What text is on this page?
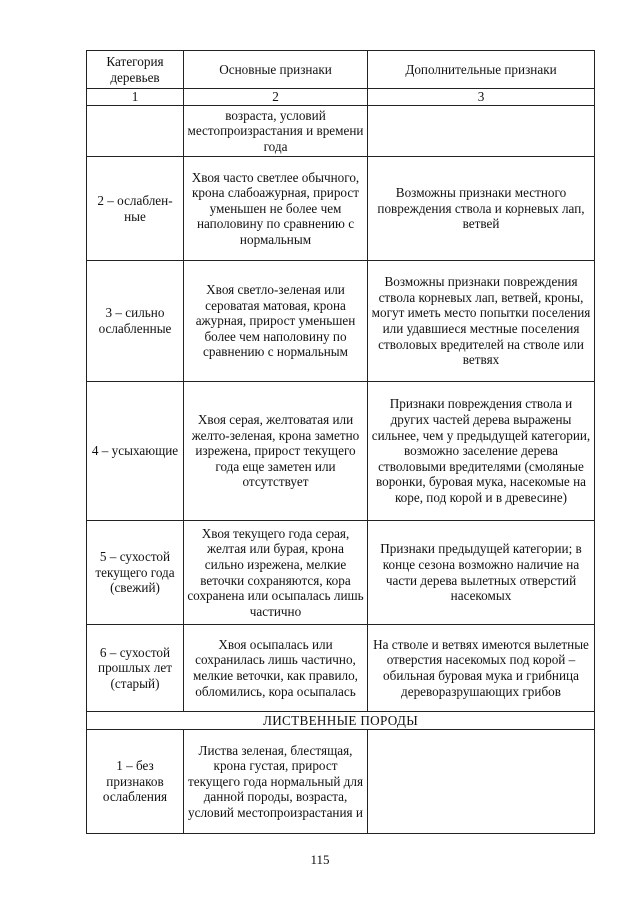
Категория деревьев	Основные признаки	Дополнительные признаки
1	2	3
	возраста, условий местопроизрастания и времени года	
2 – ослаблен-ные	Хвоя часто светлее обычного, крона слабоажурная, прирост уменьшен не более чем наполовину по сравнению с нормальным	Возможны признаки местного повреждения ствола и корневых лап, ветвей
3 – сильно ослабленные	Хвоя светло-зеленая или сероватая матовая, крона ажурная, прирост уменьшен более чем наполовину по сравнению с нормальным	Возможны признаки повреждения ствола корневых лап, ветвей, кроны, могут иметь место попытки поселения или удавшиеся местные поселения стволовых вредителей на стволе или ветвях
4 – усыхающие	Хвоя серая, желтоватая или желто-зеленая, крона заметно изрежена, прирост текущего года еще заметен или отсутствует	Признаки повреждения ствола и других частей дерева выражены сильнее, чем у предыдущей категории, возможно заселение дерева стволовыми вредителями (смоляные воронки, буровая мука, насекомые на коре, под корой и в древесине)
5 – сухостой текущего года (свежий)	Хвоя текущего года серая, желтая или бурая, крона сильно изрежена, мелкие веточки сохраняются, кора сохранена или осыпалась лишь частично	Признаки предыдущей категории; в конце сезона возможно наличие на части дерева вылетных отверстий насекомых
6 – сухостой прошлых лет (старый)	Хвоя осыпалась или сохранилась лишь частично, мелкие веточки, как правило, обломились, кора осыпалась	На стволе и ветвях имеются вылетные отверстия насекомых под корой – обильная буровая мука и грибница дереворазрушающих грибов
ЛИСТВЕННЫЕ ПОРОДЫ		
1 – без признаков ослабления	Листва зеленая, блестящая, крона густая, прирост текущего года нормальный для данной породы, возраста, условий местопроизрастания и	
115
